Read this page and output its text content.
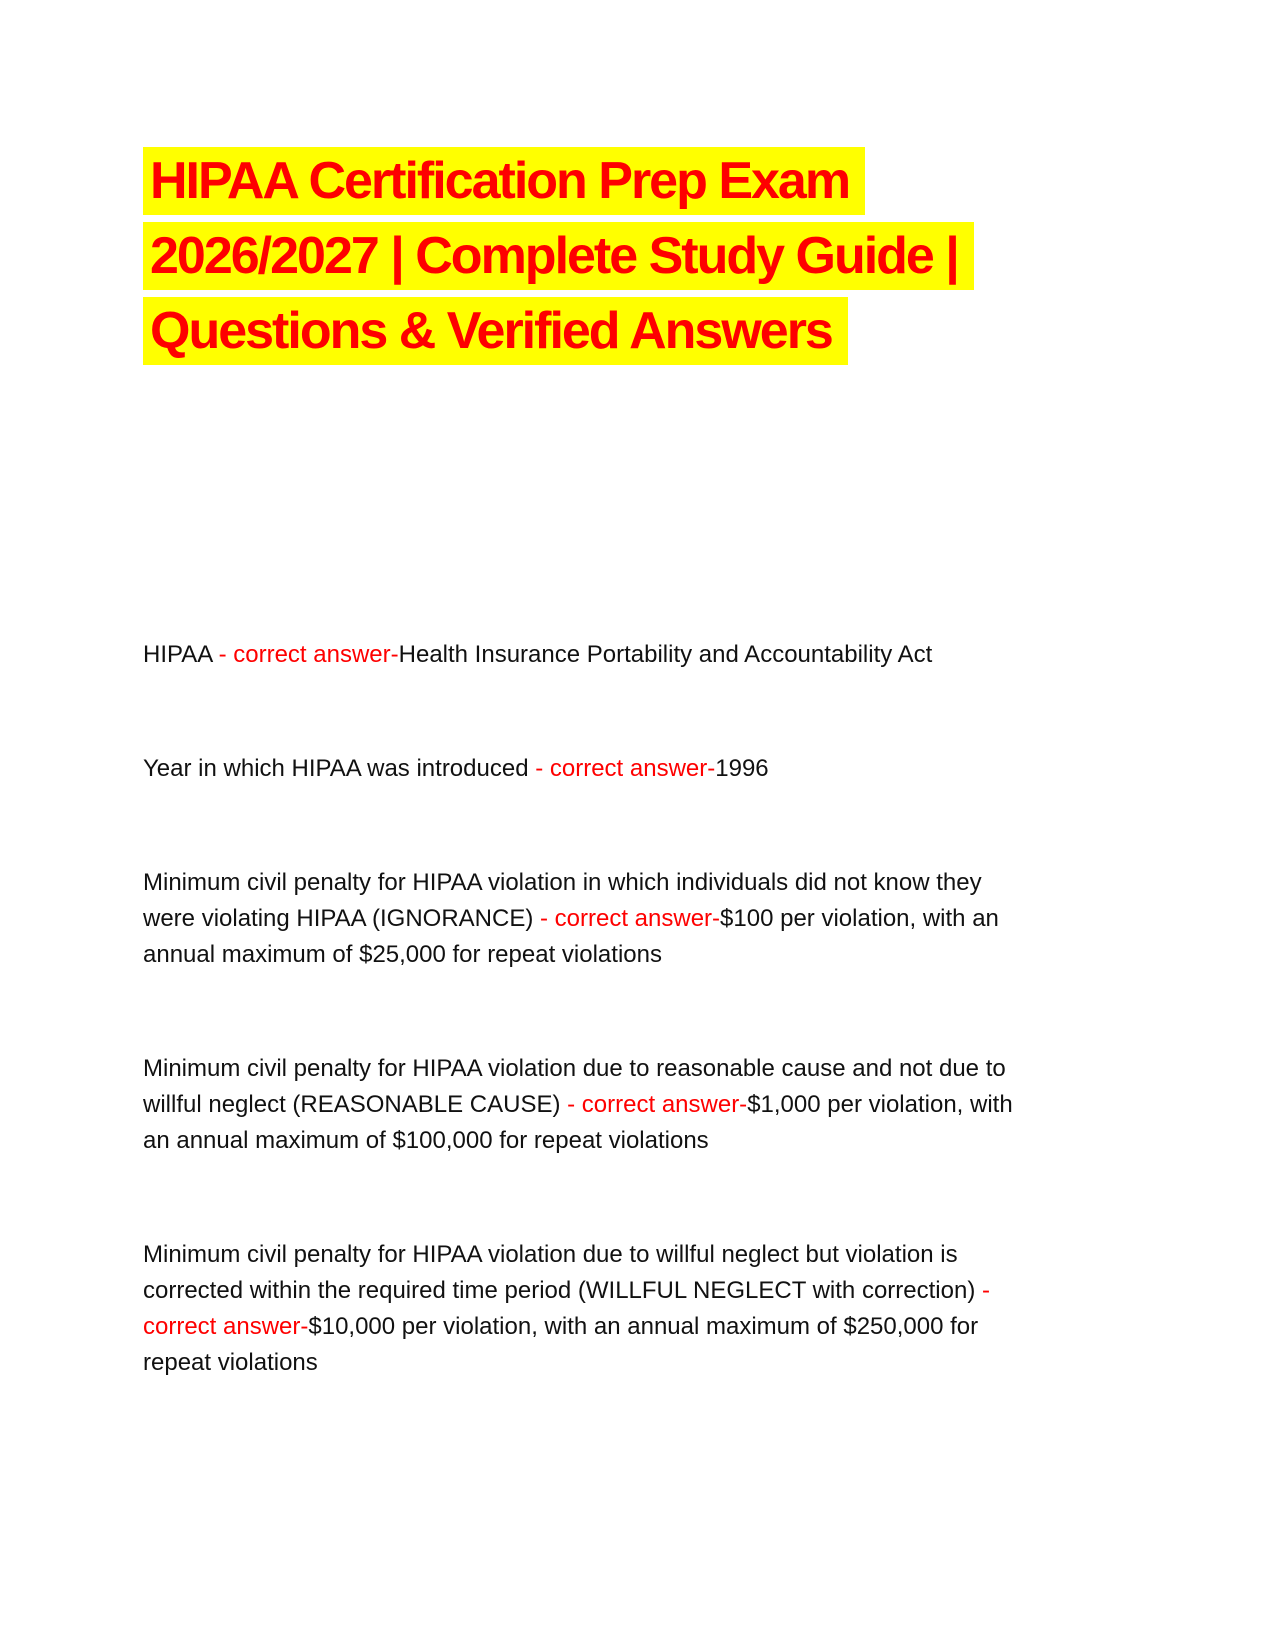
HIPAA Certification Prep Exam
2026/2027 | Complete Study Guide |
Questions & Verified Answers
HIPAA - correct answer-Health Insurance Portability and Accountability Act
Year in which HIPAA was introduced - correct answer-1996
Minimum civil penalty for HIPAA violation in which individuals did not know they
were violating HIPAA (IGNORANCE) - correct answer-$100 per violation, with an
annual maximum of $25,000 for repeat violations
Minimum civil penalty for HIPAA violation due to reasonable cause and not due to
willful neglect (REASONABLE CAUSE) - correct answer-$1,000 per violation, with
an annual maximum of $100,000 for repeat violations
Minimum civil penalty for HIPAA violation due to willful neglect but violation is
corrected within the required time period (WILLFUL NEGLECT with correction) -
correct answer-$10,000 per violation, with an annual maximum of $250,000 for
repeat violations
